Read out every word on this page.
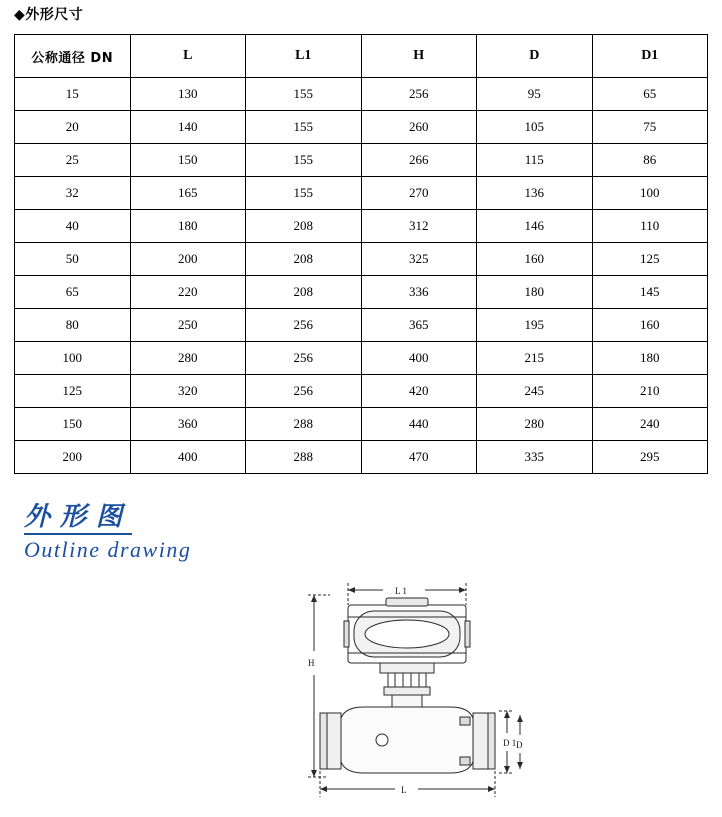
◆外形尺寸
公称通径 DN	L	L1	H	D	D1
15	130	155	256	95	65
20	140	155	260	105	75
25	150	155	266	115	86
32	165	155	270	136	100
40	180	208	312	146	110
50	200	208	325	160	125
65	220	208	336	180	145
80	250	256	365	195	160
100	280	256	400	215	180
125	320	256	420	245	210
150	360	288	440	280	240
200	400	288	470	335	295
外形图
Outline drawing
L 1
H
D 1 D
L
